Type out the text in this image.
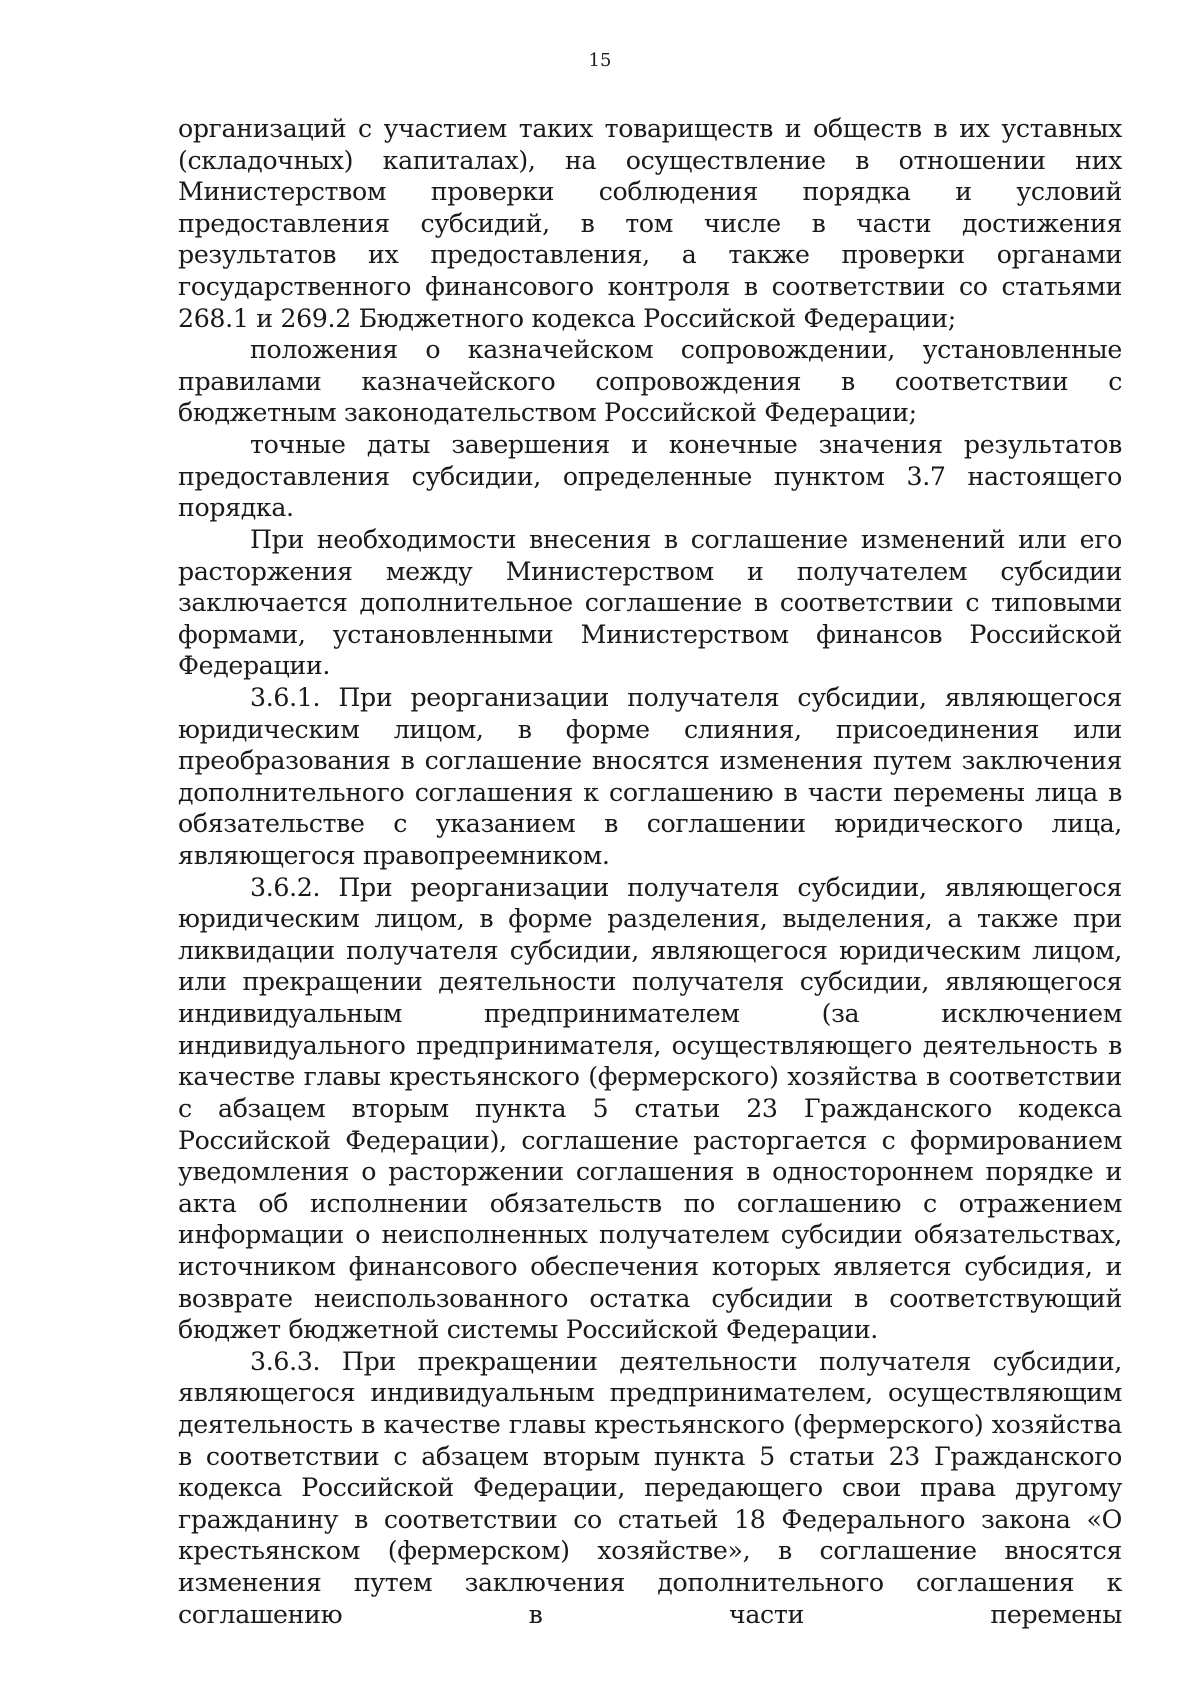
15

организаций с участием таких товариществ и обществ в их уставных (складочных) капиталах), на осуществление в отношении них Министерством проверки соблюдения порядка и условий предоставления субсидий, в том числе в части достижения результатов их предоставления, а также проверки органами государственного финансового контроля в соответствии со статьями 268.1 и 269.2 Бюджетного кодекса Российской Федерации;

положения о казначейском сопровождении, установленные правилами казначейского сопровождения в соответствии с бюджетным законодательством Российской Федерации;

точные даты завершения и конечные значения результатов предоставления субсидии, определенные пунктом 3.7 настоящего порядка.

При необходимости внесения в соглашение изменений или его расторжения между Министерством и получателем субсидии заключается дополнительное соглашение в соответствии с типовыми формами, установленными Министерством финансов Российской Федерации.

3.6.1. При реорганизации получателя субсидии, являющегося юридическим лицом, в форме слияния, присоединения или преобразования в соглашение вносятся изменения путем заключения дополнительного соглашения к соглашению в части перемены лица в обязательстве с указанием в соглашении юридического лица, являющегося правопреемником.

3.6.2. При реорганизации получателя субсидии, являющегося юридическим лицом, в форме разделения, выделения, а также при ликвидации получателя субсидии, являющегося юридическим лицом, или прекращении деятельности получателя субсидии, являющегося индивидуальным предпринимателем (за исключением индивидуального предпринимателя, осуществляющего деятельность в качестве главы крестьянского (фермерского) хозяйства в соответствии с абзацем вторым пункта 5 статьи 23 Гражданского кодекса Российской Федерации), соглашение расторгается с формированием уведомления о расторжении соглашения в одностороннем порядке и акта об исполнении обязательств по соглашению с отражением информации о неисполненных получателем субсидии обязательствах, источником финансового обеспечения которых является субсидия, и возврате неиспользованного остатка субсидии в соответствующий бюджет бюджетной системы Российской Федерации.

3.6.3. При прекращении деятельности получателя субсидии, являющегося индивидуальным предпринимателем, осуществляющим деятельность в качестве главы крестьянского (фермерского) хозяйства в соответствии с абзацем вторым пункта 5 статьи 23 Гражданского кодекса Российской Федерации, передающего свои права другому гражданину в соответствии со статьей 18 Федерального закона «О крестьянском (фермерском) хозяйстве», в соглашение вносятся изменения путем заключения дополнительного соглашения к соглашению в части перемены
